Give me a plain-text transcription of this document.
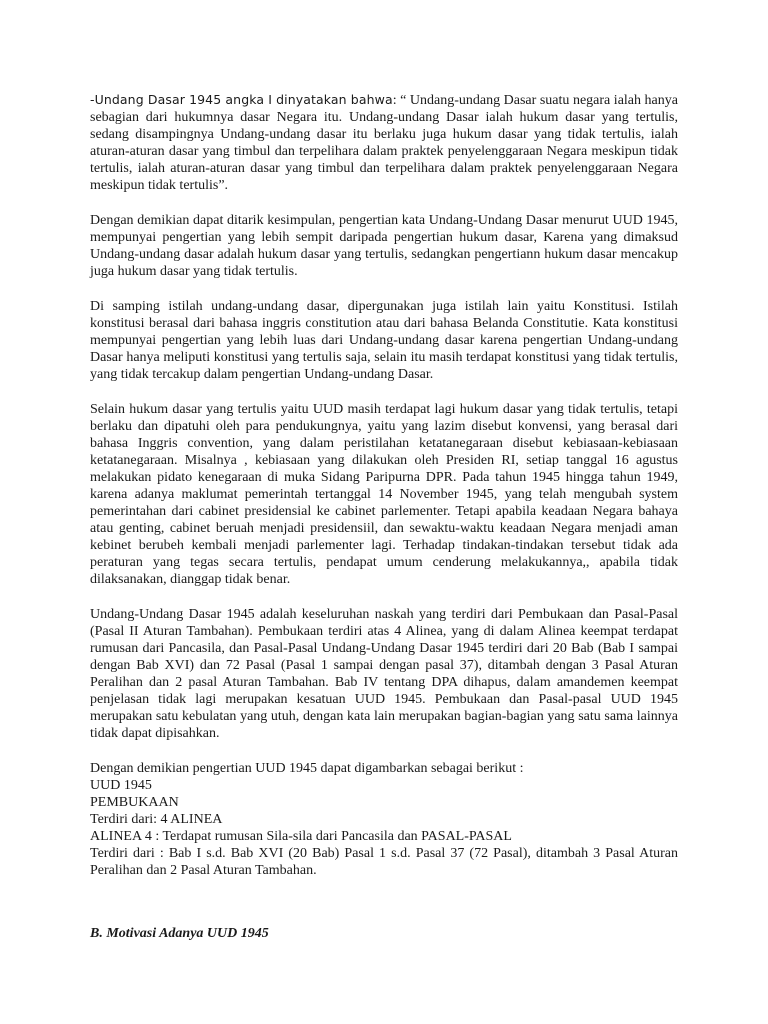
-Undang Dasar 1945 angka I dinyatakan bahwa: “ Undang-undang Dasar suatu negara ialah hanya sebagian dari hukumnya dasar Negara itu. Undang-undang Dasar ialah hukum dasar yang tertulis, sedang disampingnya Undang-undang dasar itu berlaku juga hukum dasar yang tidak tertulis, ialah aturan-aturan dasar yang timbul dan terpelihara dalam praktek penyelenggaraan Negara meskipun tidak tertulis, ialah aturan-aturan dasar yang timbul dan terpelihara dalam praktek penyelenggaraan Negara meskipun tidak tertulis”.

Dengan demikian dapat ditarik kesimpulan, pengertian kata Undang-Undang Dasar menurut UUD 1945, mempunyai pengertian yang lebih sempit daripada pengertian hukum dasar, Karena yang dimaksud Undang-undang dasar adalah hukum dasar yang tertulis, sedangkan pengertiann hukum dasar mencakup juga hukum dasar yang tidak tertulis.

Di samping istilah undang-undang dasar, dipergunakan juga istilah lain yaitu Konstitusi. Istilah konstitusi berasal dari bahasa inggris constitution atau dari bahasa Belanda Constitutie. Kata konstitusi mempunyai pengertian yang lebih luas dari Undang-undang dasar karena pengertian Undang-undang Dasar hanya meliputi konstitusi yang tertulis saja, selain itu masih terdapat konstitusi yang tidak tertulis, yang tidak tercakup dalam pengertian Undang-undang Dasar.

Selain hukum dasar yang tertulis yaitu UUD masih terdapat lagi hukum dasar yang tidak tertulis, tetapi berlaku dan dipatuhi oleh para pendukungnya, yaitu yang lazim disebut konvensi, yang berasal dari bahasa Inggris convention, yang dalam peristilahan ketatanegaraan disebut kebiasaan-kebiasaan ketatanegaraan. Misalnya , kebiasaan yang dilakukan oleh Presiden RI, setiap tanggal 16 agustus melakukan pidato kenegaraan di muka Sidang Paripurna DPR. Pada tahun 1945 hingga tahun 1949, karena adanya maklumat pemerintah tertanggal 14 November 1945, yang telah mengubah system pemerintahan dari cabinet presidensial ke cabinet parlementer. Tetapi apabila keadaan Negara bahaya atau genting, cabinet beruah menjadi presidensiil, dan sewaktu-waktu keadaan Negara menjadi aman kebinet berubeh kembali menjadi parlementer lagi. Terhadap tindakan-tindakan tersebut tidak ada peraturan yang tegas secara tertulis, pendapat umum cenderung melakukannya,, apabila tidak dilaksanakan, dianggap tidak benar.

Undang-Undang Dasar 1945 adalah keseluruhan naskah yang terdiri dari Pembukaan dan Pasal-Pasal (Pasal II Aturan Tambahan). Pembukaan terdiri atas 4 Alinea, yang di dalam Alinea keempat terdapat rumusan dari Pancasila, dan Pasal-Pasal Undang-Undang Dasar 1945 terdiri dari 20 Bab (Bab I sampai dengan Bab XVI) dan 72 Pasal (Pasal 1 sampai dengan pasal 37), ditambah dengan 3 Pasal Aturan Peralihan dan 2 pasal Aturan Tambahan. Bab IV tentang DPA dihapus, dalam amandemen keempat penjelasan tidak lagi merupakan kesatuan UUD 1945. Pembukaan dan Pasal-pasal UUD 1945 merupakan satu kebulatan yang utuh, dengan kata lain merupakan bagian-bagian yang satu sama lainnya tidak dapat dipisahkan.

Dengan demikian pengertian UUD 1945 dapat digambarkan sebagai berikut :

UUD 1945

PEMBUKAAN

Terdiri dari: 4 ALINEA

ALINEA 4 : Terdapat rumusan Sila-sila dari Pancasila dan PASAL-PASAL

Terdiri dari : Bab I s.d. Bab XVI (20 Bab) Pasal 1 s.d. Pasal 37 (72 Pasal), ditambah 3 Pasal Aturan Peralihan dan 2 Pasal Aturan Tambahan.

B. Motivasi Adanya UUD 1945
